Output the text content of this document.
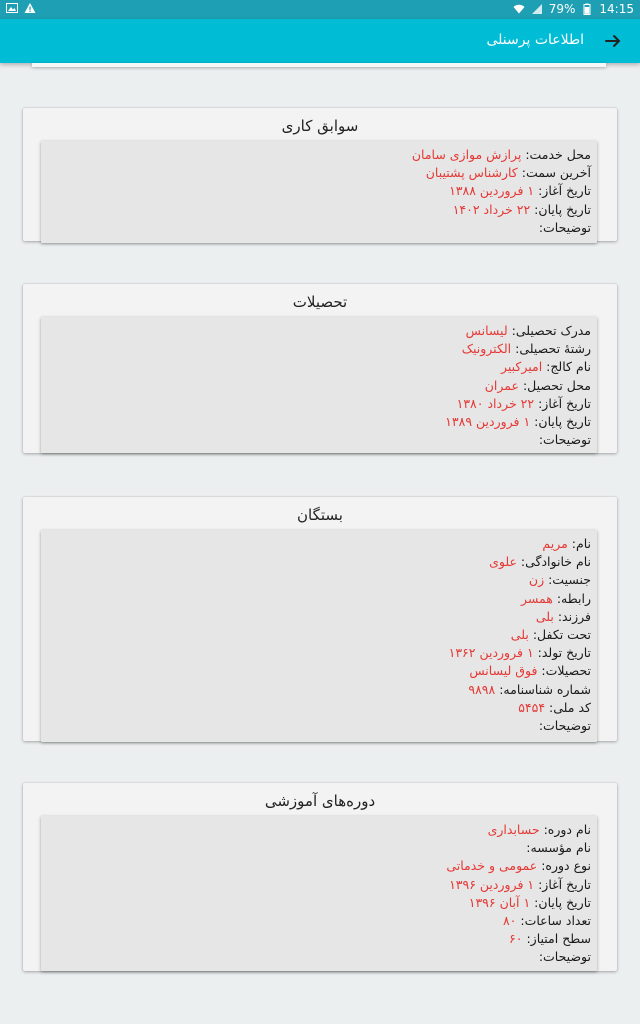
79% 14:15
اطلاعات پرسنلی
سوابق کاری
محل خدمت: پرازش موازی سامان
آخرین سمت: کارشناس پشتیبان
تاریخ آغاز: ۱ فروردین ۱۳۸۸
تاریخ پایان: ۲۲ خرداد ۱۴۰۲
توضیحات:
تحصیلات
مدرک تحصیلی: لیسانس
رشتهٔ تحصیلی: الکترونیک
نام کالج: امیرکبیر
محل تحصیل: عمران
تاریخ آغاز: ۲۲ خرداد ۱۳۸۰
تاریخ پایان: ۱ فروردین ۱۳۸۹
توضیحات:
بستگان
نام: مریم
نام خانوادگی: علوی
جنسیت: زن
رابطه: همسر
فرزند: بلی
تحت تکفل: بلی
تاریخ تولد: ۱ فروردین ۱۳۶۲
تحصیلات: فوق لیسانس
شماره شناسنامه: ۹۸۹۸
کد ملی: ۵۴۵۴
توضیحات:
دوره‌های آموزشی
نام دوره: حسابداری
نام مؤسسه:
نوع دوره: عمومی و خدماتی
تاریخ آغاز: ۱ فروردین ۱۳۹۶
تاریخ پایان: ۱ آبان ۱۳۹۶
تعداد ساعات: ۸۰
سطح امتیاز: ۶۰
توضیحات:
